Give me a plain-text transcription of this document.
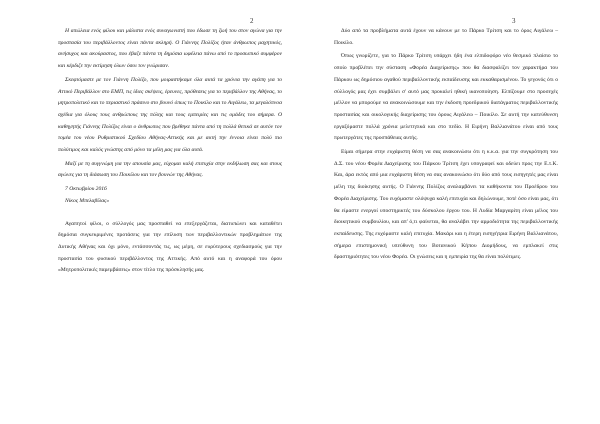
2

Η απώλεια ενός φίλου και μάλιστα ενός συναγωνιστή που έδωσε τη ζωή του στον αγώνα για την προστασία του περιβάλλοντος είναι πάντα σκληρή. Ο Γιάννης Πολίζος ήταν άνθρωπος μαχητικός, ανήσυχος και ακούραστος, που έβαζε πάντα τη δημόσια ωφέλεια πάνω από το προσωπικό συμφέρον και κέρδιζε την εκτίμηση όλων όσοι τον γνώρισαν.

Σκεφτόμαστε με τον Γιάννη Πολίζο, που μοιραστήκαμε όλα αυτά τα χρόνια την αγάπη για το Αττικό Περιβάλλον στο ΕΜΠ, τις ίδιες σκέψεις, έρευνες, πρόθεσεις για το περιβάλλον της Αθήνας, το μητροπολιτικό και το περιαστικό πράσινο στο βουνό όπως το Ποικίλο και το Αιγάλεω, τα μεγαλόπνοα σχέδια για όλους τους ανθρώπους της πόλης και τους εμπειρίες και τις ομάδες του σήμερα. Ο καθηγητής Γιάννης Πολίζος είναι ο άνθρωπος που βρέθηκε πάντα από τη πολλά θετικά σε αυτόν τον τομέα του νέου Ρυθμιστικού Σχεδίου Αθήνας-Αττικής και με αυτή την έννοια είναι πολύ πιο πολύτιμος και καλός γνώστης από μόνο τα μέλη μας για όλα αυτά.

Μαζί με τη συγγνώμη για την απουσία μας, εύχομαι καλή επιτυχία στην εκδήλωση σας και στους αγώνες για τη διάσωση του Ποικίλου και τον βουνών της Αθήνας.

7 Οκτωβρίου 2016

Νίκος Μπελαβίλας»

Αγαπητοί φίλοι, ο σύλλογός μας προσπαθεί να επεξεργάζεται, διατυπώνει και καταθέτει δημόσια συγκεκριμένες προτάσεις για την επίλυση των περιβαλλοντικών προβλημάτων της Δυτικής Αθήνας και όχι μόνο, εντάσσοντάς τις, ως μέρη, σε ευρύτερους σχεδιασμούς για την προστασία του φυσικού περιβάλλοντος της Αττικής. Από αυτό και η αναφορά του όρου «Μητροπολιτικές παρεμβάσεις» στον τίτλο της πρόσκλησής μας.

3

Δύο από τα προβλήματα αυτά έχουν να κάνουν με το Πάρκο Τρίτση και το όρος Αιγάλεω – Ποικίλο.

Όπως γνωρίζετε, για το Πάρκο Τρίτση υπάρχει ήδη ένα ελπιδοφόρο νέο θεσμικό πλαίσιο το οποίο προβλέπει την σύσταση «Φορέα Διαχείρισης» που θα διασφαλίζει τον χαρακτήρα του Πάρκου ως δημόσιου αγαθού περιβαλλοντικής εκπαίδευσης και εκκαθαρισμένου. Το γεγονός ότι ο σύλλογός μας έχει συμβάλει σ' αυτό μας προκαλεί ηθική ικανοποίηση. Ελπίζουμε στο προσεχές μέλλον να μπορούμε να ανακοινώσουμε και την έκδοση προεδρικού διατάγματος περιβαλλοντικής προστασίας και οικολογικής διαχείρισης του όρους Αιγάλεω – Ποικίλο. Σε αυτή την κατεύθυνση εργαζόμαστε πολλά χρόνια μελετητικά και στο πεδίο. Η Ειρήνη Βαλλιανάτου είναι από τους πρωτεργάτες της προσπάθειας αυτής.

Είμαι σήμερα στην ευχάριστη θέση να σας ανακοινώσω ότι η κ.κ.α. για την συγκρότηση του Δ.Σ. του νέου Φορέα Διαχείρισης του Πάρκου Τρίτση έχει υπογραφεί και οδεύει προς την Ε.τ.Κ. Και, άρα εκτός από μια ευχάριστη θέση να σας ανακοινώσω ότι δύο από τους εισηγητές μας είναι μέλη της διοίκησης αυτής. Ο Γιάννης Πολίζος αναλαμβάνει τα καθήκοντα του Προέδρου του Φορέα Διαχείρισης. Του ευχόμαστε ολόψυχα καλή επιτυχία και δηλώνουμε, ποτέ όσο είναι μας, ότι θα είμαστε ενεργοί υποστηρικτές του δύσκολου έργου του. Η Λυδία Μαργαρίτη είναι μέλος του διοικητικού συμβουλίου, και απ' ό,τι φαίνεται, θα αναλάβει την αρμοδιότητα της περιβαλλοντικής εκπαίδευσης. Της ευχόμαστε καλή επιτυχία. Μακάρι και η έτερη εισηγήτρια Ειρήνη Βαλλιανάτου, σήμερα επιστημονική υπεύθυνη του Βοτανικού Κήπου Διομήδους, να εμπλακεί στις δραστηριότητες του νέου Φορέα. Οι γνώσεις και η εμπειρία της θα είναι πολύτιμες.
